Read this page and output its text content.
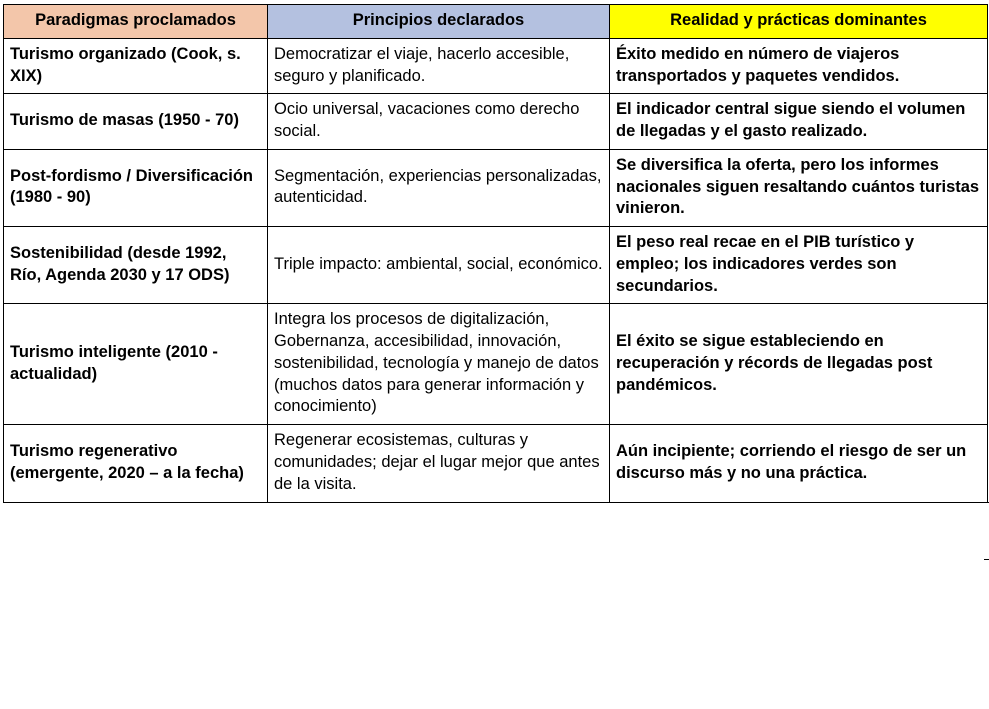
Paradigmas proclamados	Principios declarados	Realidad y prácticas dominantes
Turismo organizado (Cook, s. XIX)	Democratizar el viaje, hacerlo accesible, seguro y planificado.	Éxito medido en número de viajeros transportados y paquetes vendidos.
Turismo de masas (1950 - 70)	Ocio universal, vacaciones como derecho social.	El indicador central sigue siendo el volumen de llegadas y el gasto realizado.
Post-fordismo / Diversificación (1980 - 90)	Segmentación, experiencias personalizadas, autenticidad.	Se diversifica la oferta, pero los informes nacionales siguen resaltando cuántos turistas vinieron.
Sostenibilidad (desde 1992, Río, Agenda 2030 y 17 ODS)	Triple impacto: ambiental, social, económico.	El peso real recae en el PIB turístico y empleo; los indicadores verdes son secundarios.
Turismo inteligente (2010 - actualidad)	Integra los procesos de digitalización, Gobernanza, accesibilidad, innovación, sostenibilidad, tecnología y manejo de datos (muchos datos para generar información y conocimiento)	El éxito se sigue estableciendo en recuperación y récords de llegadas post pandémicos.
Turismo regenerativo (emergente, 2020 – a la fecha)	Regenerar ecosistemas, culturas y comunidades; dejar el lugar mejor que antes de la visita.	Aún incipiente; corriendo el riesgo de ser un discurso más y no una práctica.
